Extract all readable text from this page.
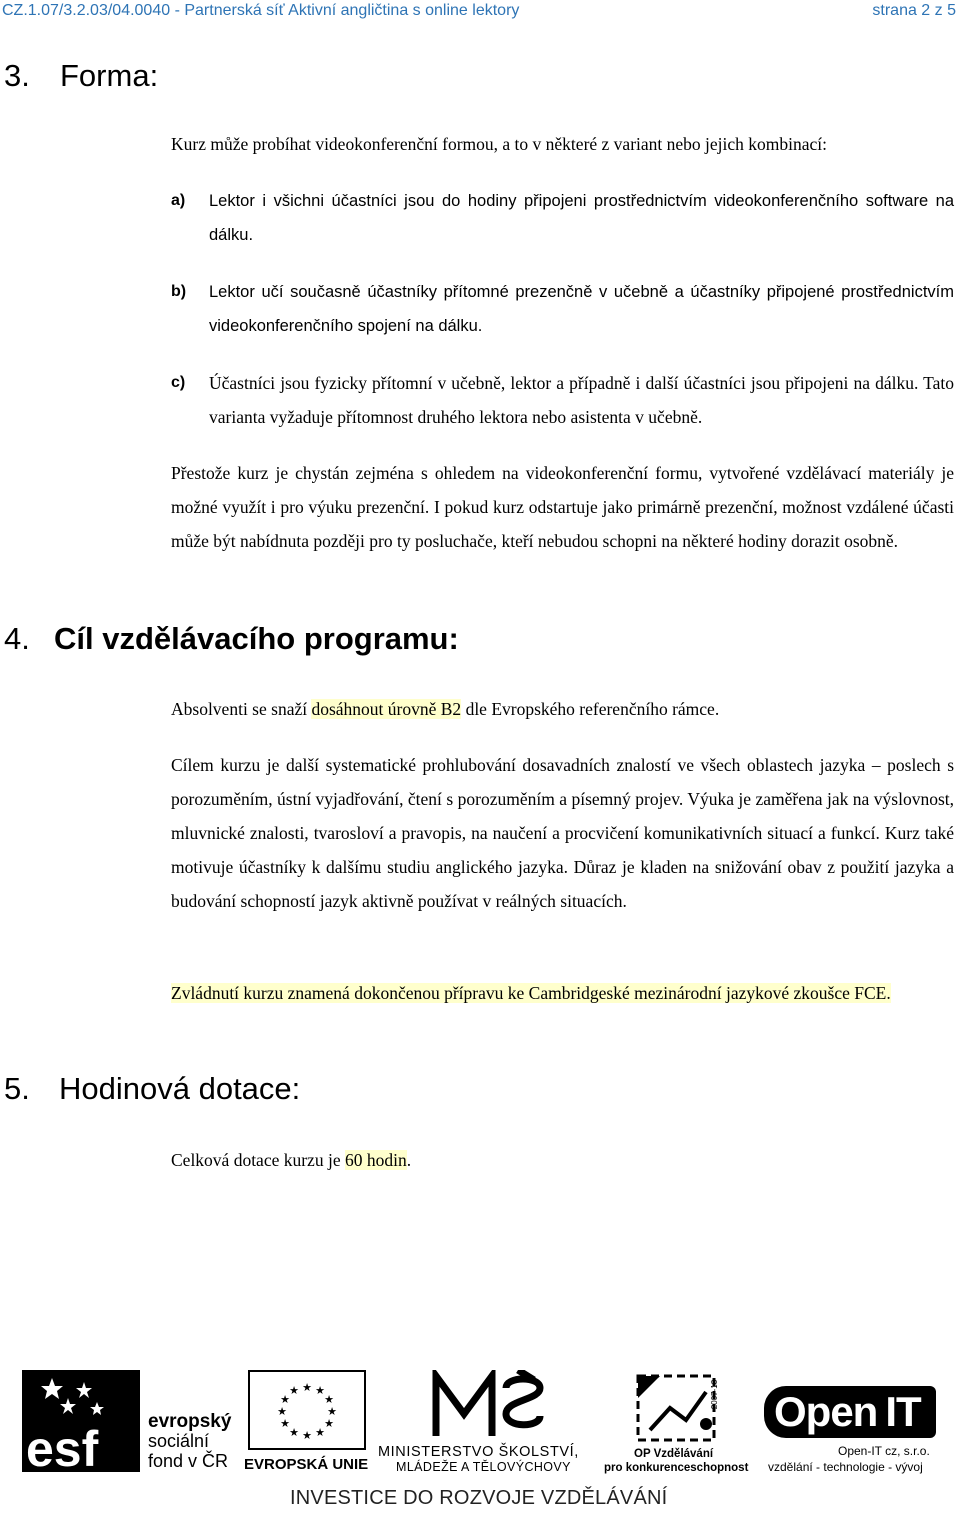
CZ.1.07/3.2.03/04.0040 - Partnerská síť Aktivní angličtina s online lektory	strana 2 z 5
3. Forma:
Kurz může probíhat videokonferenční formou, a to v některé z variant nebo jejich kombinací:
a) Lektor i všichni účastníci jsou do hodiny připojeni prostřednictvím videokonferenčního software na dálku.
b) Lektor učí současně účastníky přítomné prezenčně v učebně a účastníky připojené prostřednictvím videokonferenčního spojení na dálku.
c) Účastníci jsou fyzicky přítomní v učebně, lektor a případně i další účastníci jsou připojeni na dálku. Tato varianta vyžaduje přítomnost druhého lektora nebo asistenta v učebně.
Přestože kurz je chystán zejména s ohledem na videokonferenční formu, vytvořené vzdělávací materiály je možné využít i pro výuku prezenční. I pokud kurz odstartuje jako primárně prezenční, možnost vzdálené účasti může být nabídnuta později pro ty posluchače, kteří nebudou schopni na některé hodiny dorazit osobně.
4. Cíl vzdělávacího programu:
Absolventi se snaží dosáhnout úrovně B2 dle Evropského referenčního rámce.
Cílem kurzu je další systematické prohlubování dosavadních znalostí ve všech oblastech jazyka – poslech s porozuměním, ústní vyjadřování, čtení s porozuměním a písemný projev. Výuka je zaměřena jak na výslovnost, mluvnické znalosti, tvarosloví a pravopis, na naučení a procvičení komunikativních situací a funkcí. Kurz také motivuje účastníky k dalšímu studiu anglického jazyka. Důraz je kladen na snižování obav z použití jazyka a budování schopností jazyk aktivně používat v reálných situacích.
Zvládnutí kurzu znamená dokončenou přípravu ke Cambridgeské mezinárodní jazykové zkoušce FCE.
5. Hodinová dotace:
Celková dotace kurzu je 60 hodin.
esf	evropský
sociální
fond v ČR
★ ★
★
★
★
★
★
★
★
★
★
★
EVROPSKÁ UNIE
MINISTERSTVO ŠKOLSTVÍ,
MLÁDEŽE A TĚLOVÝCHOVY
2007-13
OP Vzdělávání
pro konkurenceschopnost
Open IT
Open-IT cz, s.r.o.
vzdělání - technologie - vývoj
INVESTICE DO ROZVOJE VZDĚLÁVÁNÍ
